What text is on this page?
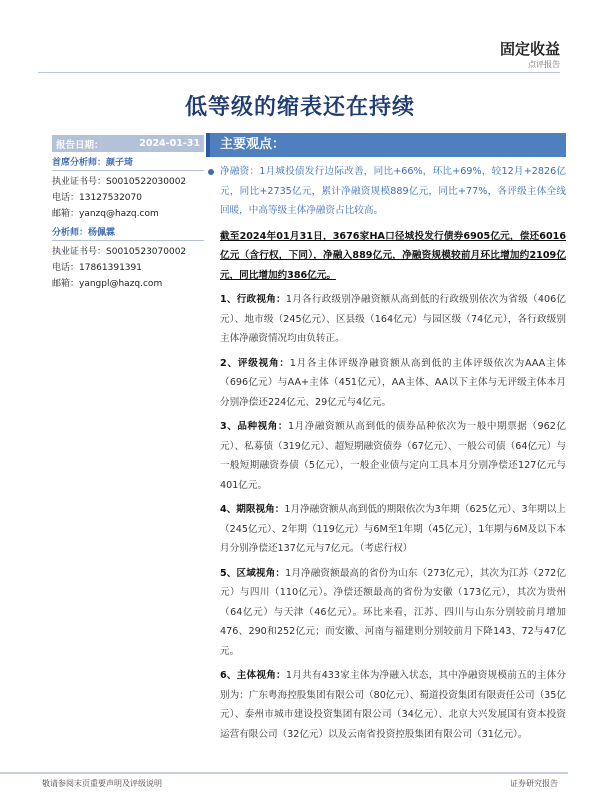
固定收益
点评报告
低等级的缩表还在持续
报告日期：	2024-01-31
首席分析师：颜子琦
执业证书号：S0010522030002
电话：13127532070
邮箱：yanzq@hazq.com
分析师：杨佩霖
执业证书号：S0010523070002
电话：17861391391
邮箱：yangpl@hazq.com
主要观点：
净融资：1月城投债发行边际改善，同比+66%，环比+69%，较12月+2826亿元，同比+2735亿元，累计净融资规模889亿元，同比+77%，各评级主体全线回暖，中高等级主体净融资占比较高。
截至2024年01月31日，3676家HA口径城投发行债券6905亿元，偿还6016亿元（含行权，下同），净融入889亿元，净融资规模较前月环比增加约2109亿元，同比增加约386亿元。
1、行政视角：1月各行政级别净融资额从高到低的行政级别依次为省级（406亿元）、地市级（245亿元）、区县级（164亿元）与园区级（74亿元），各行政级别主体净融资情况均由负转正。
2、评级视角：1月各主体评级净融资额从高到低的主体评级依次为AAA主体（696亿元）与AA+主体（451亿元），AA主体、AA以下主体与无评级主体本月分别净偿还224亿元、29亿元与4亿元。
3、品种视角：1月净融资额从高到低的债券品种依次为一般中期票据（962亿元）、私募债（319亿元）、超短期融资债券（67亿元）、一般公司债（64亿元）与一般短期融资券债（5亿元），一般企业债与定向工具本月分别净偿还127亿元与401亿元。
4、期限视角：1月净融资额从高到低的期限依次为3年期（625亿元）、3年期以上（245亿元）、2年期（119亿元）与6M至1年期（45亿元），1年期与6M及以下本月分别净偿还137亿元与7亿元。（考虑行权）
5、区域视角：1月净融资额最高的省份为山东（273亿元），其次为江苏（272亿元）与四川（110亿元）。净偿还额最高的省份为安徽（173亿元），其次为贵州（64亿元）与天津（46亿元）。环比来看，江苏、四川与山东分别较前月增加476、290和252亿元；而安徽、河南与福建则分别较前月下降143、72与47亿元。
6、主体视角：1月共有433家主体为净融入状态，其中净融资规模前五的主体分别为：广东粤海控股集团有限公司（80亿元）、蜀道投资集团有限责任公司（35亿元）、泰州市城市建设投资集团有限公司（34亿元）、北京大兴发展国有资本投资运营有限公司（32亿元）以及云南省投资控股集团有限公司（31亿元）。
敬请参阅末页重要声明及评级说明	证券研究报告
